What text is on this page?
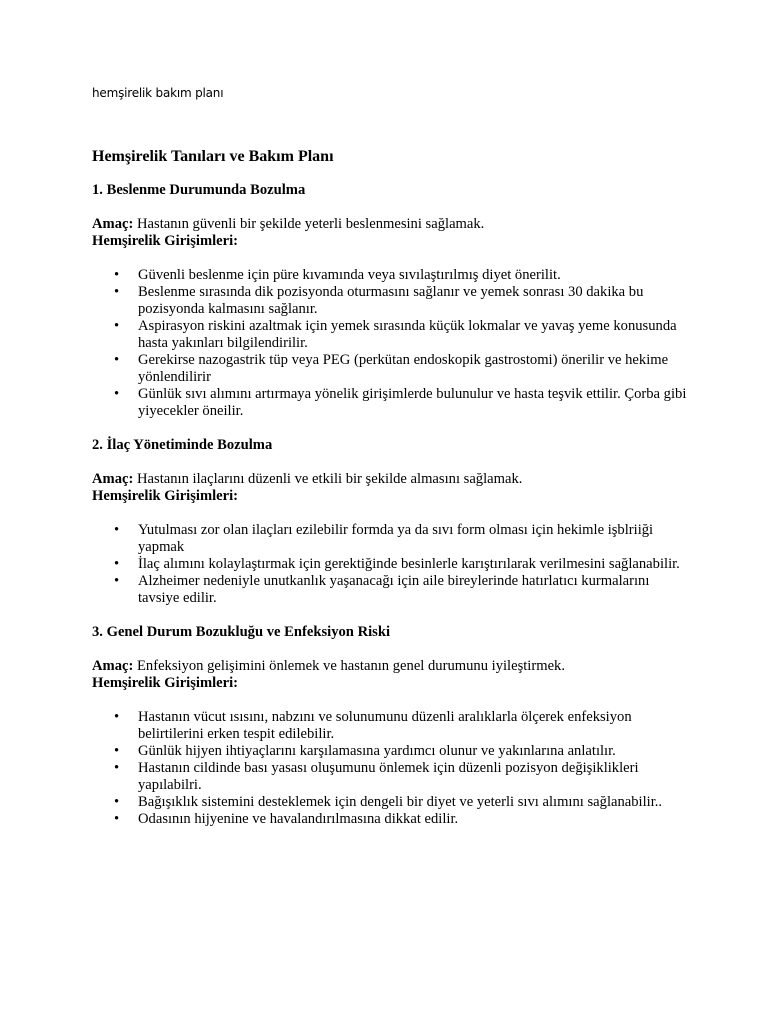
hemşirelik bakım planı
Hemşirelik Tanıları ve Bakım Planı

1. Beslenme Durumunda Bozulma

Amaç: Hastanın güvenli bir şekilde yeterli beslenmesini sağlamak.
Hemşirelik Girişimleri:
• Güvenli beslenme için püre kıvamında veya sıvılaştırılmış diyet önerilit.
• Beslenme sırasında dik pozisyonda oturmasını sağlanır ve yemek sonrası 30 dakika bu pozisyonda kalmasını sağlanır.
• Aspirasyon riskini azaltmak için yemek sırasında küçük lokmalar ve yavaş yeme konusunda hasta yakınları bilgilendirilir.
• Gerekirse nazogastrik tüp veya PEG (perkütan endoskopik gastrostomi) önerilir ve hekime yönlendilirir
• Günlük sıvı alımını artırmaya yönelik girişimlerde bulunulur ve hasta teşvik ettilir. Çorba gibi yiyecekler öneilir.

2. İlaç Yönetiminde Bozulma

Amaç: Hastanın ilaçlarını düzenli ve etkili bir şekilde almasını sağlamak.
Hemşirelik Girişimleri:
• Yutulması zor olan ilaçları ezilebilir formda ya da sıvı form olması için hekimle işblriiği yapmak
• İlaç alımını kolaylaştırmak için gerektiğinde besinlerle karıştırılarak verilmesini sağlanabilir.
• Alzheimer nedeniyle unutkanlık yaşanacağı için aile bireylerinde hatırlatıcı kurmalarını tavsiye edilir.

3. Genel Durum Bozukluğu ve Enfeksiyon Riski

Amaç: Enfeksiyon gelişimini önlemek ve hastanın genel durumunu iyileştirmek.
Hemşirelik Girişimleri:
• Hastanın vücut ısısını, nabzını ve solunumunu düzenli aralıklarla ölçerek enfeksiyon belirtilerini erken tespit edilebilir.
• Günlük hijyen ihtiyaçlarını karşılamasına yardımcı olunur ve yakınlarına anlatılır.
• Hastanın cildinde bası yasası oluşumunu önlemek için düzenli pozisyon değişiklikleri yapılabilri.
• Bağışıklık sistemini desteklemek için dengeli bir diyet ve yeterli sıvı alımını sağlanabilir..
• Odasının hijyenine ve havalandırılmasına dikkat edilir.
